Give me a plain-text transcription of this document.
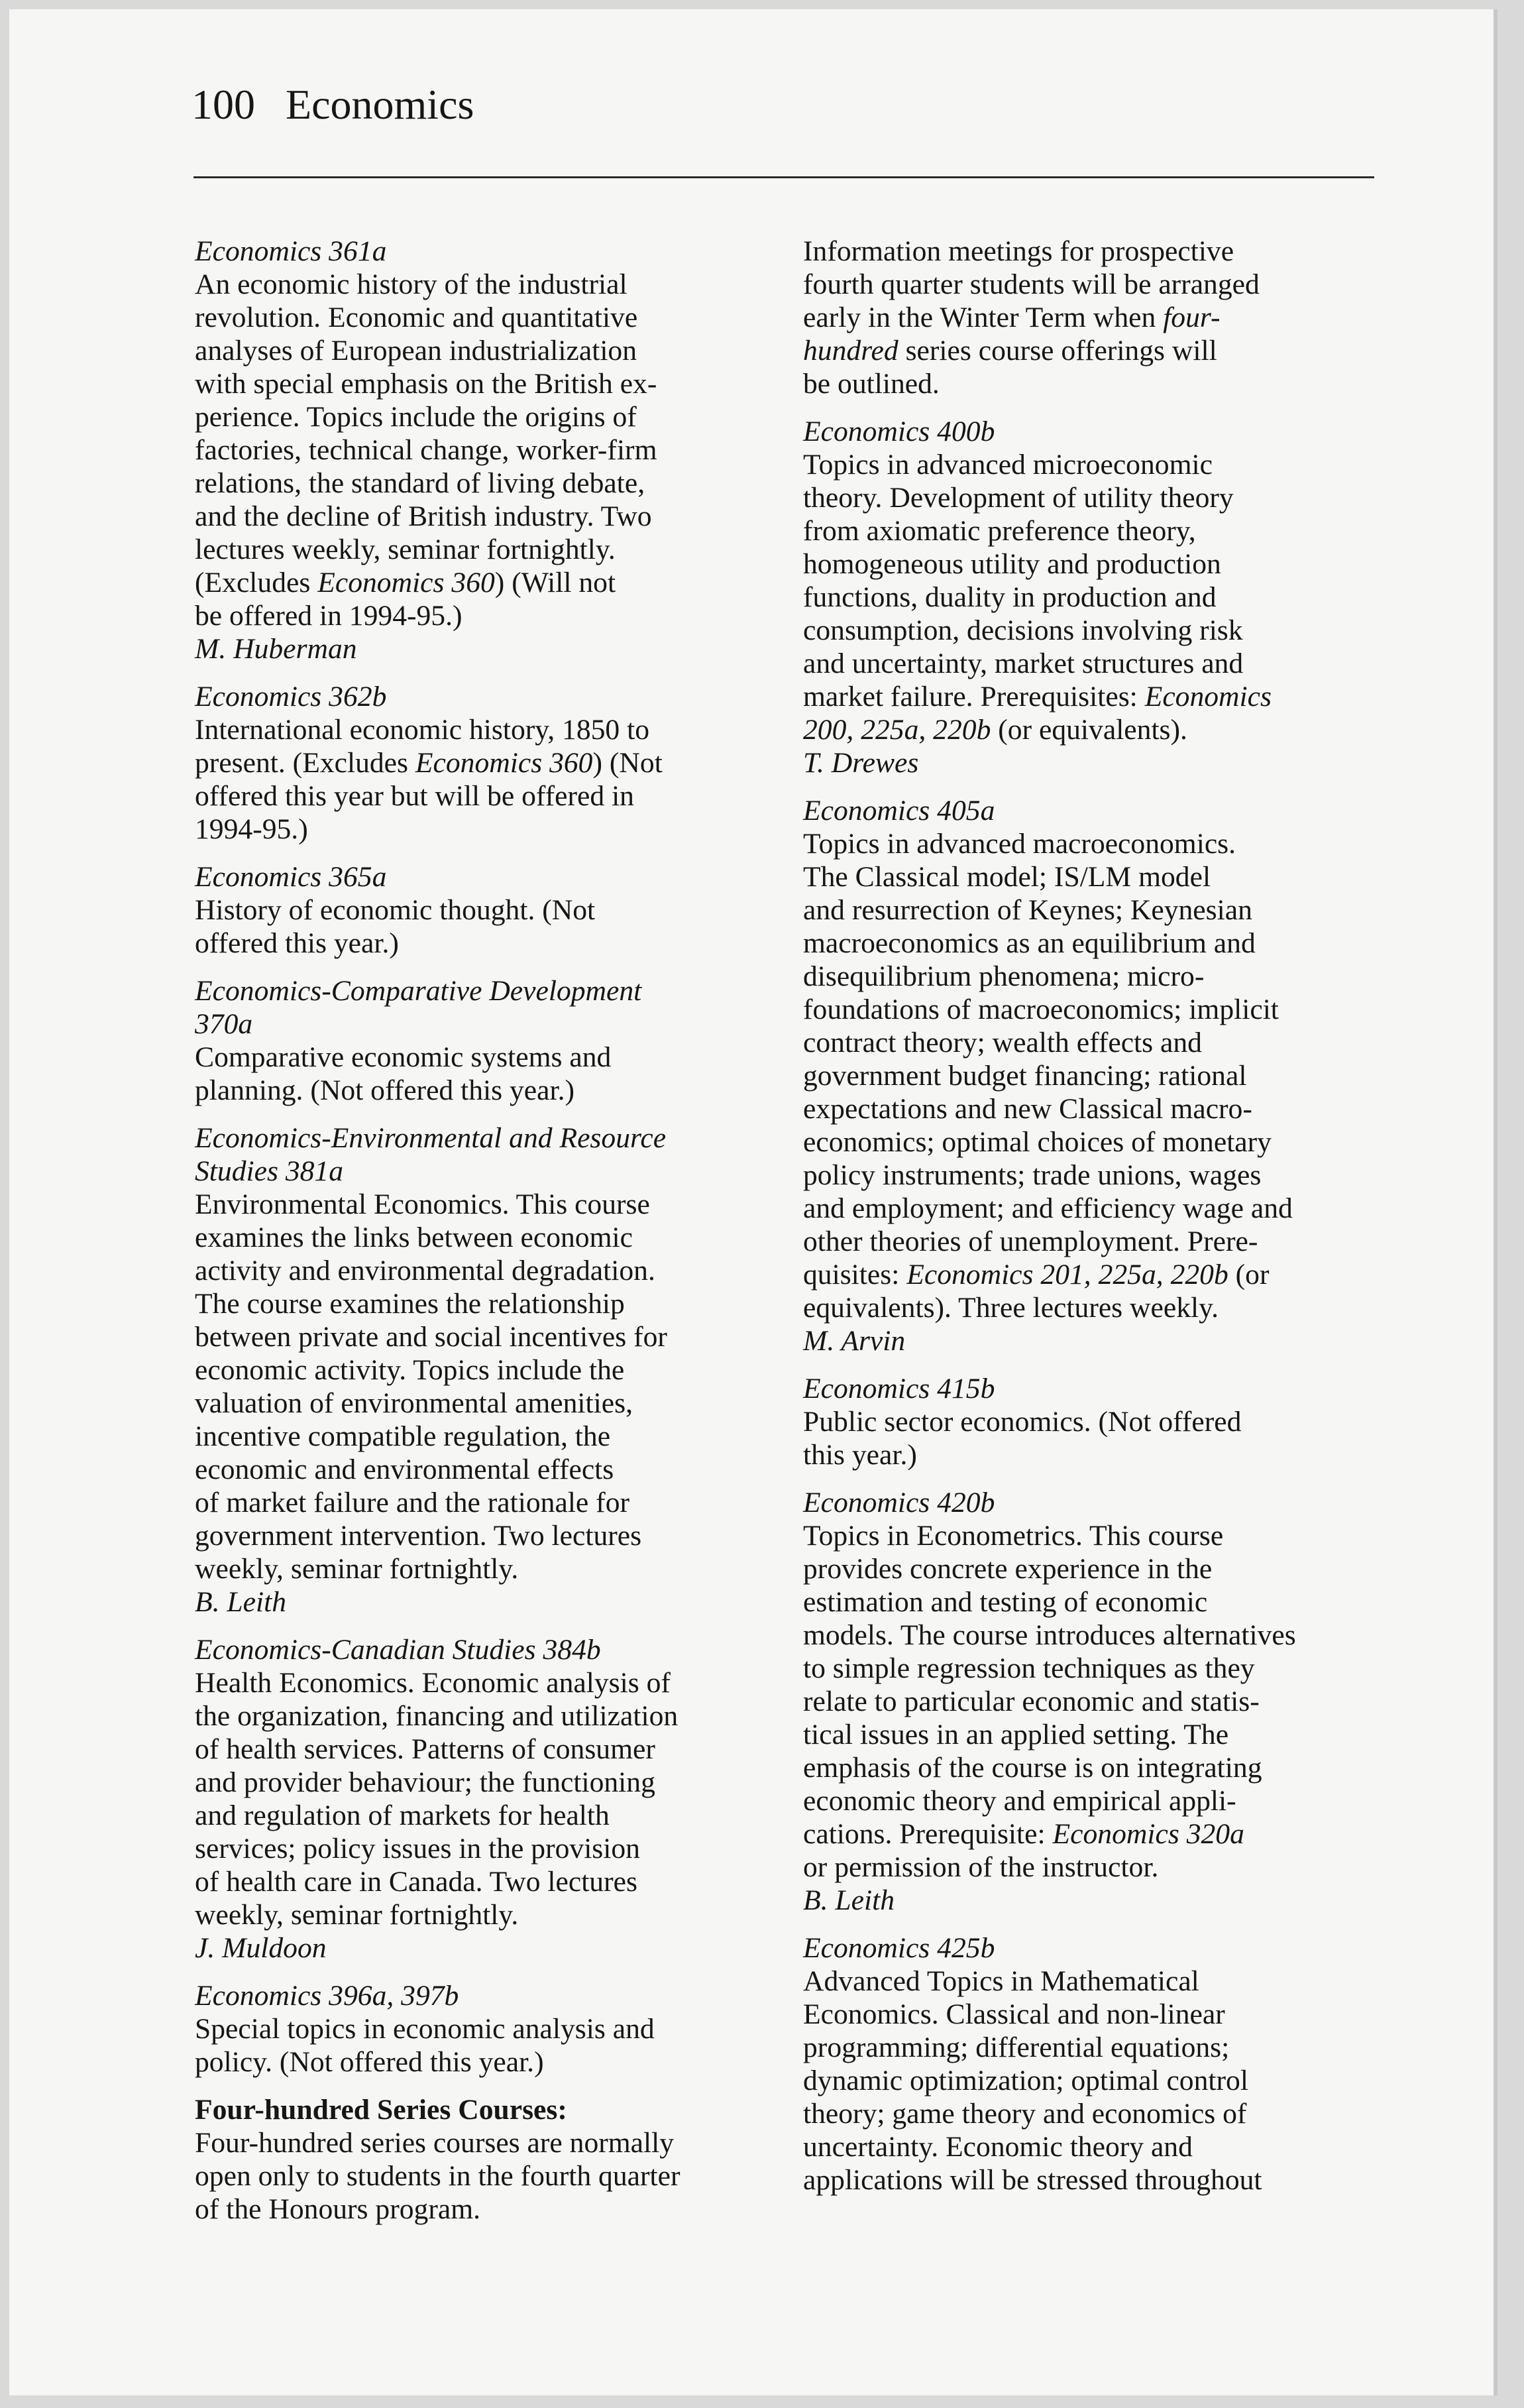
100 Economics
Economics 361a
An economic history of the industrial
revolution. Economic and quantitative
analyses of European industrialization
with special emphasis on the British ex-
perience. Topics include the origins of
factories, technical change, worker-firm
relations, the standard of living debate,
and the decline of British industry. Two
lectures weekly, seminar fortnightly.
(Excludes Economics 360) (Will not
be offered in 1994-95.)
M. Huberman
Economics 362b
International economic history, 1850 to
present. (Excludes Economics 360) (Not
offered this year but will be offered in
1994-95.)
Economics 365a
History of economic thought. (Not
offered this year.)
Economics-Comparative Development
370a
Comparative economic systems and
planning. (Not offered this year.)
Economics-Environmental and Resource
Studies 381a
Environmental Economics. This course
examines the links between economic
activity and environmental degradation.
The course examines the relationship
between private and social incentives for
economic activity. Topics include the
valuation of environmental amenities,
incentive compatible regulation, the
economic and environmental effects
of market failure and the rationale for
government intervention. Two lectures
weekly, seminar fortnightly.
B. Leith
Economics-Canadian Studies 384b
Health Economics. Economic analysis of
the organization, financing and utilization
of health services. Patterns of consumer
and provider behaviour; the functioning
and regulation of markets for health
services; policy issues in the provision
of health care in Canada. Two lectures
weekly, seminar fortnightly.
J. Muldoon
Economics 396a, 397b
Special topics in economic analysis and
policy. (Not offered this year.)
Four-hundred Series Courses:
Four-hundred series courses are normally
open only to students in the fourth quarter
of the Honours program.
Information meetings for prospective
fourth quarter students will be arranged
early in the Winter Term when four-
hundred series course offerings will
be outlined.
Economics 400b
Topics in advanced microeconomic
theory. Development of utility theory
from axiomatic preference theory,
homogeneous utility and production
functions, duality in production and
consumption, decisions involving risk
and uncertainty, market structures and
market failure. Prerequisites: Economics
200, 225a, 220b (or equivalents).
T. Drewes
Economics 405a
Topics in advanced macroeconomics.
The Classical model; IS/LM model
and resurrection of Keynes; Keynesian
macroeconomics as an equilibrium and
disequilibrium phenomena; micro-
foundations of macroeconomics; implicit
contract theory; wealth effects and
government budget financing; rational
expectations and new Classical macro-
economics; optimal choices of monetary
policy instruments; trade unions, wages
and employment; and efficiency wage and
other theories of unemployment. Prere-
quisites: Economics 201, 225a, 220b (or
equivalents). Three lectures weekly.
M. Arvin
Economics 415b
Public sector economics. (Not offered
this year.)
Economics 420b
Topics in Econometrics. This course
provides concrete experience in the
estimation and testing of economic
models. The course introduces alternatives
to simple regression techniques as they
relate to particular economic and statis-
tical issues in an applied setting. The
emphasis of the course is on integrating
economic theory and empirical appli-
cations. Prerequisite: Economics 320a
or permission of the instructor.
B. Leith
Economics 425b
Advanced Topics in Mathematical
Economics. Classical and non-linear
programming; differential equations;
dynamic optimization; optimal control
theory; game theory and economics of
uncertainty. Economic theory and
applications will be stressed throughout
